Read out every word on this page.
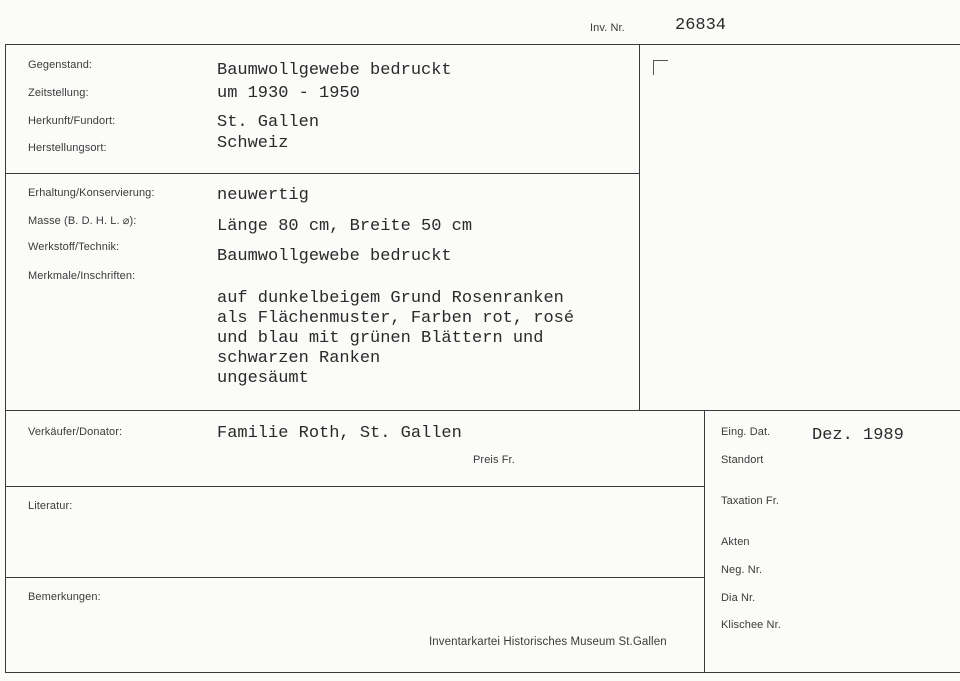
Inv. Nr.	26834
Gegenstand:	Baumwollgewebe bedruckt
Zeitstellung:	um 1930 - 1950
Herkunft/Fundort:	St. Gallen
Herstellungsort:	Schweiz
Erhaltung/Konservierung:	neuwertig
Masse (B. D. H. L. ⌀):	Länge 80 cm, Breite 50 cm
Werkstoff/Technik:	Baumwollgewebe bedruckt
Merkmale/Inschriften:
auf dunkelbeigem Grund Rosenranken
als Flächenmuster, Farben rot, rosé
und blau mit grünen Blättern und
schwarzen Ranken
ungesäumt
Verkäufer/Donator:	Familie Roth, St. Gallen
Preis Fr.
Literatur:
Bemerkungen:
Inventarkartei Historisches Museum St.Gallen
Eing. Dat. Dez. 1989
Standort
Taxation Fr.
Akten
Neg. Nr.
Dia Nr.
Klischee Nr.
